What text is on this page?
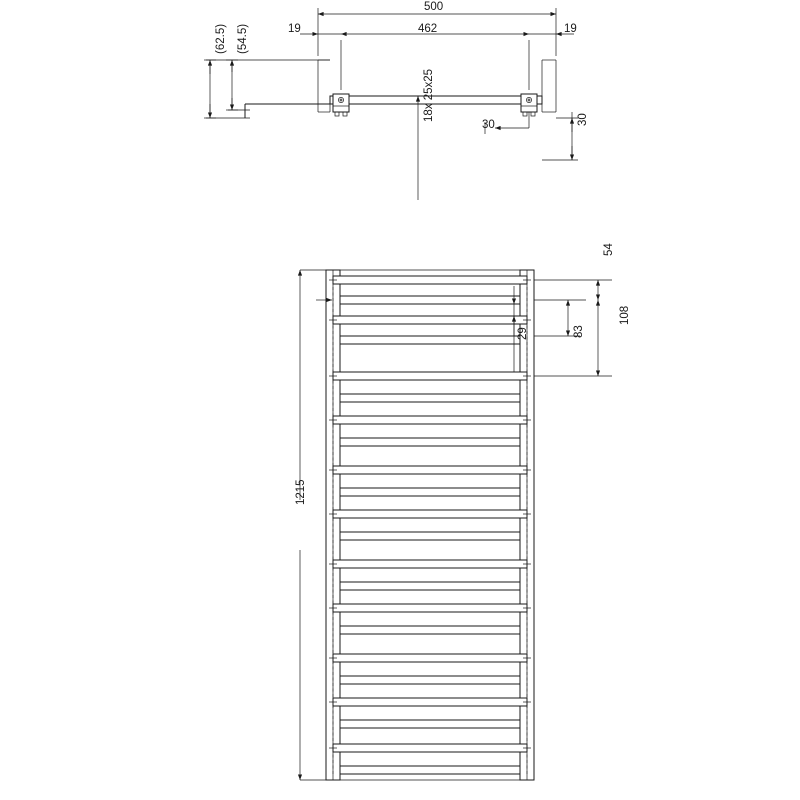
500
462
19	19
(62.5) (54.5)
18x 25x25
30	30
1215
54
108
83
29
